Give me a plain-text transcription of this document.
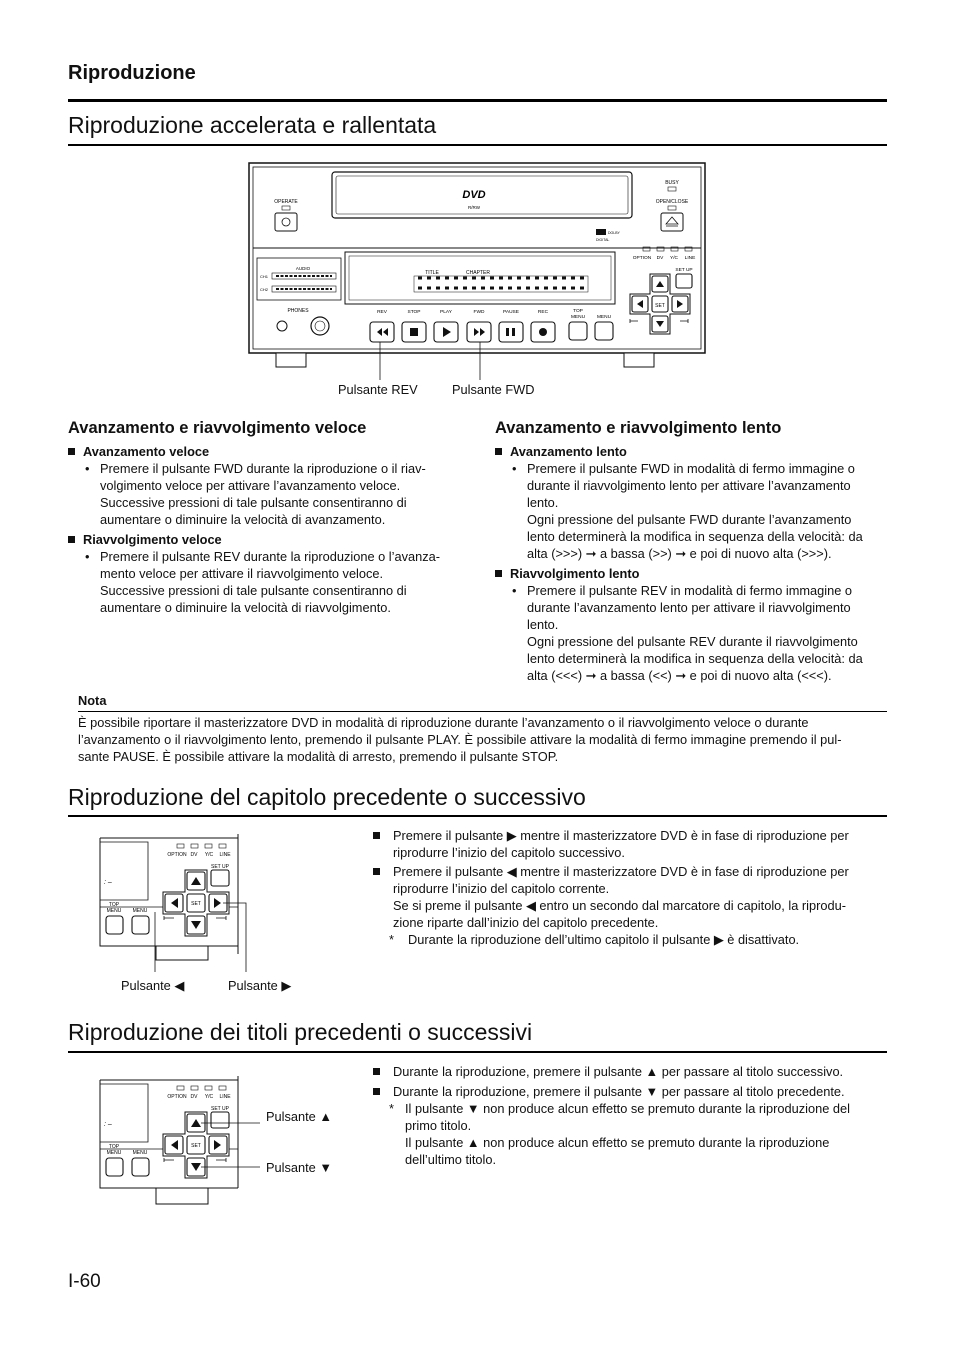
Riproduzione
Riproduzione accelerata e rallentata
DVD
R/RW
OPERATE
BUSY
OPEN/CLOSE
DOLBY
DIGITAL
AUDIO
CH1
CH2
PHONES
TITLE	CHAPTER
REV	STOP	PLAY	FWD	PAUSE	REC	TOP
MENU MENU
OPTION DV Y/C LINE
SET UP
SET
Pulsante REV	Pulsante FWD
Avanzamento e riavvolgimento veloce
Avanzamento veloce
• Premere il pulsante FWD durante la riproduzione o il riav-
volgimento veloce per attivare l’avanzamento veloce.
Successive pressioni di tale pulsante consentiranno di
aumentare o diminuire la velocità di avanzamento.
Riavvolgimento veloce
• Premere il pulsante REV durante la riproduzione o l’avanza-
mento veloce per attivare il riavvolgimento veloce.
Successive pressioni di tale pulsante consentiranno di
aumentare o diminuire la velocità di riavvolgimento.
Avanzamento e riavvolgimento lento
Avanzamento lento
• Premere il pulsante FWD in modalità di fermo immagine o
durante il riavvolgimento lento per attivare l’avanzamento
lento.
Ogni pressione del pulsante FWD durante l’avanzamento
lento determinerà la modifica in sequenza della velocità: da
alta (>>>) ➞ a bassa (>>) ➞ e poi di nuovo alta (>>>).
Riavvolgimento lento
• Premere il pulsante REV in modalità di fermo immagine o
durante l’avanzamento lento per attivare il riavvolgimento
lento.
Ogni pressione del pulsante REV durante il riavvolgimento
lento determinerà la modifica in sequenza della velocità: da
alta (<<<) ➞ a bassa (<<) ➞ e poi di nuovo alta (<<<).
Nota
È possibile riportare il masterizzatore DVD in modalità di riproduzione durante l’avanzamento o il riavvolgimento veloce o durante
l’avanzamento o il riavvolgimento lento, premendo il pulsante PLAY. È possibile attivare la modalità di fermo immagine premendo il pul-
sante PAUSE. È possibile attivare la modalità di arresto, premendo il pulsante STOP.
Riproduzione del capitolo precedente o successivo
: ‒
OPTION DV Y/C LINE
SET UP
TOP
MENU MENU
SET
Pulsante ◀	Pulsante ▶
Premere il pulsante ▶ mentre il masterizzatore DVD è in fase di riproduzione per
riprodurre l’inizio del capitolo successivo.
Premere il pulsante ◀ mentre il masterizzatore DVD è in fase di riproduzione per
riprodurre l’inizio del capitolo corrente.
Se si preme il pulsante ◀ entro un secondo dal marcatore di capitolo, la riprodu-
zione riparte dall’inizio del capitolo precedente.
* Durante la riproduzione dell’ultimo capitolo il pulsante ▶ è disattivato.
Riproduzione dei titoli precedenti o successivi
: ‒
OPTION DV Y/C LINE
SET UP
TOP
MENU MENU
SET
Pulsante ▲
Pulsante ▼
Durante la riproduzione, premere il pulsante ▲ per passare al titolo successivo.
Durante la riproduzione, premere il pulsante ▼ per passare al titolo precedente.
* Il pulsante ▼ non produce alcun effetto se premuto durante la riproduzione del
primo titolo.
Il pulsante ▲ non produce alcun effetto se premuto durante la riproduzione
dell’ultimo titolo.
I-60
